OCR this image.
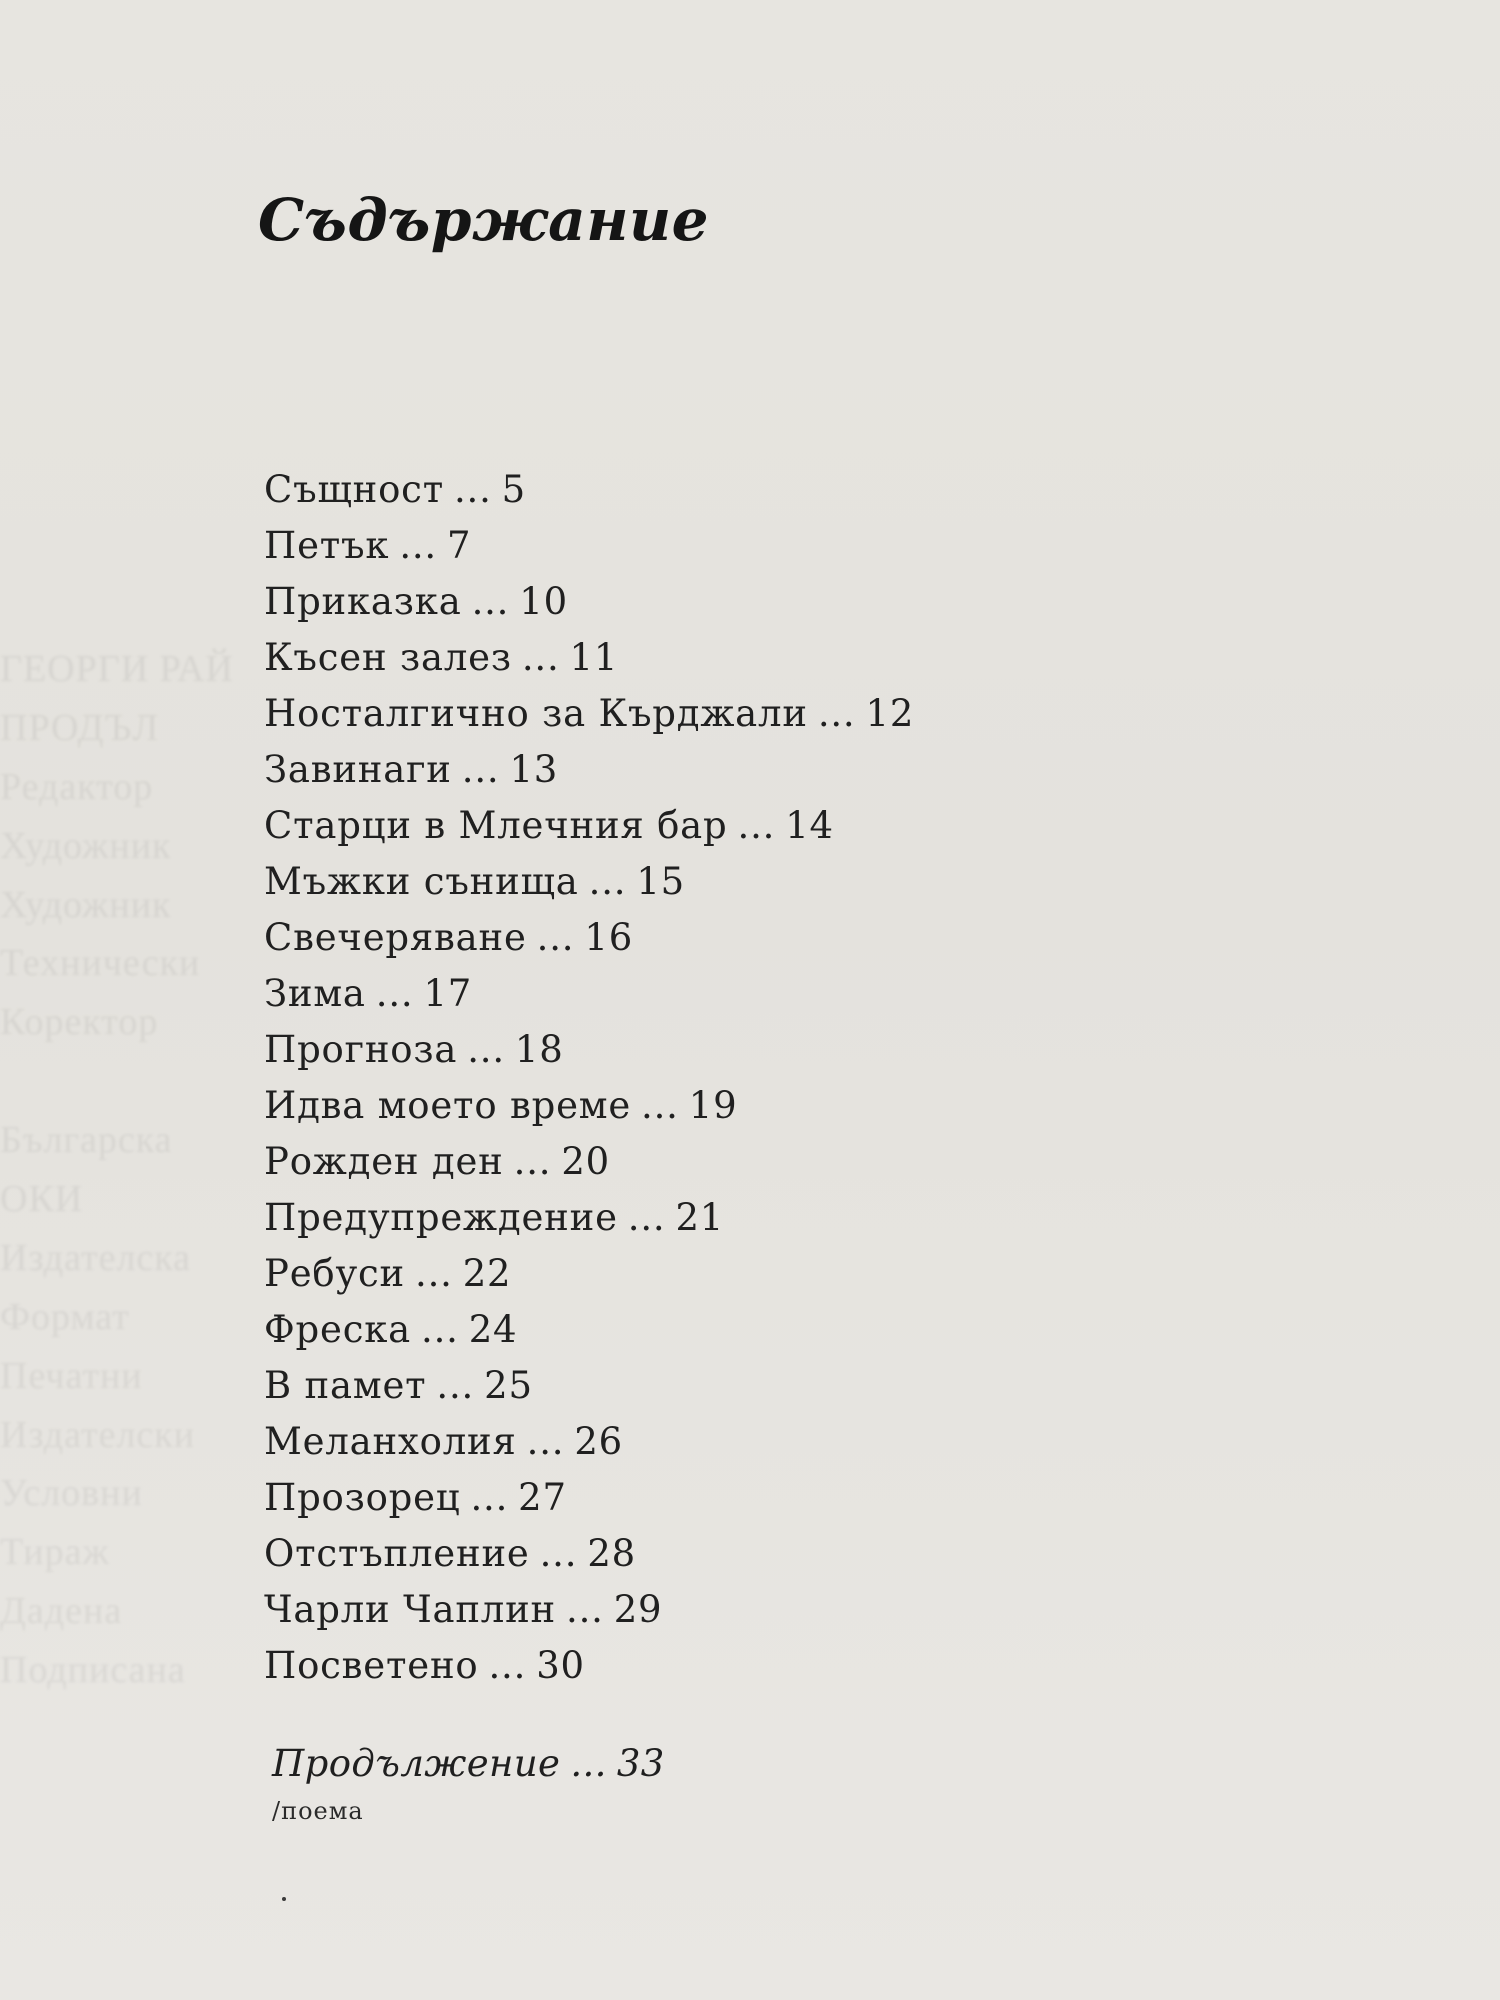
ГЕОРГИ РАЙ
ПРОДЪЛ
Редактор
Художник
Художник
Технически
Коректор

Българска
ОКИ
Издателска
Формат
Печатни
Издателски
Условни
Тираж
Дадена
Подписана
Съдържание
Същност ... 5
Петък ... 7
Приказка ... 10
Късен залез ... 11
Носталгично за Кърджали ... 12
Завинаги ... 13
Старци в Млечния бар ... 14
Мъжки сънища ... 15
Свечеряване ... 16
Зима ... 17
Прогноза ... 18
Идва моето време ... 19
Рожден ден ... 20
Предупреждение ... 21
Ребуси ... 22
Фреска ... 24
В памет ... 25
Меланхолия ... 26
Прозорец ... 27
Отстъпление ... 28
Чарли Чаплин ... 29
Посветено ... 30
Продължение ... 33
/поема
